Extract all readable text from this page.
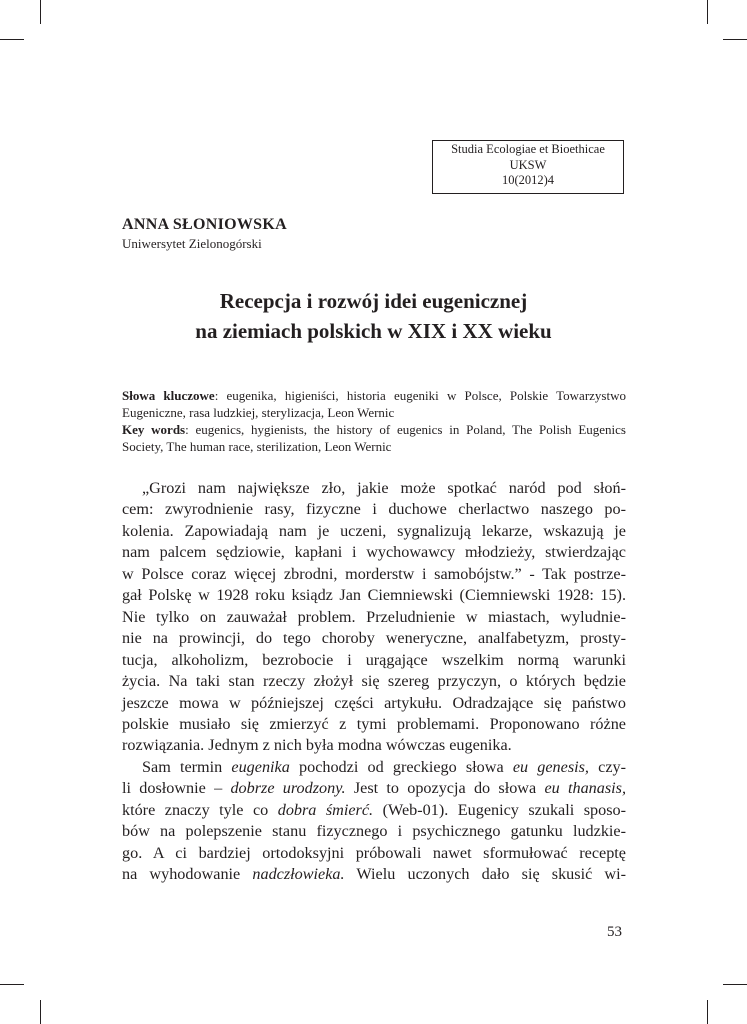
Studia Ecologiae et Bioethicae
UKSW
10(2012)4
ANNA SŁONIOWSKA
Uniwersytet Zielonogórski
Recepcja i rozwój idei eugenicznej
na ziemiach polskich w XIX i XX wieku

Słowa kluczowe: eugenika, higieniści, historia eugeniki w Polsce, Polskie Towarzystwo Eugeniczne, rasa ludzkiej, sterylizacja, Leon Wernic

Key words: eugenics, hygienists, the history of eugenics in Poland, The Polish Eugenics Society, The human race, sterilization, Leon Wernic

„Grozi nam największe zło, jakie może spotkać naród pod słoń-
cem: zwyrodnienie rasy, fizyczne i duchowe cherlactwo naszego po-
kolenia. Zapowiadają nam je uczeni, sygnalizują lekarze, wskazują je
nam palcem sędziowie, kapłani i wychowawcy młodzieży, stwierdzając
w Polsce coraz więcej zbrodni, morderstw i samobójstw.” - Tak postrze-
gał Polskę w 1928 roku ksiądz Jan Ciemniewski (Ciemniewski 1928: 15).
Nie tylko on zauważał problem. Przeludnienie w miastach, wyludnie-
nie na prowincji, do tego choroby weneryczne, analfabetyzm, prosty-
tucja, alkoholizm, bezrobocie i urągające wszelkim normą warunki
życia. Na taki stan rzeczy złożył się szereg przyczyn, o których będzie
jeszcze mowa w późniejszej części artykułu. Odradzające się państwo
polskie musiało się zmierzyć z tymi problemami. Proponowano różne
rozwiązania. Jednym z nich była modna wówczas eugenika.
Sam termin eugenika pochodzi od greckiego słowa eu genesis, czy-
li dosłownie – dobrze urodzony. Jest to opozycja do słowa eu thanasis,
które znaczy tyle co dobra śmierć. (Web-01). Eugenicy szukali sposo-
bów na polepszenie stanu fizycznego i psychicznego gatunku ludzkie-
go. A ci bardziej ortodoksyjni próbowali nawet sformułować receptę
na wyhodowanie nadczłowieka. Wielu uczonych dało się skusić wi-
53
